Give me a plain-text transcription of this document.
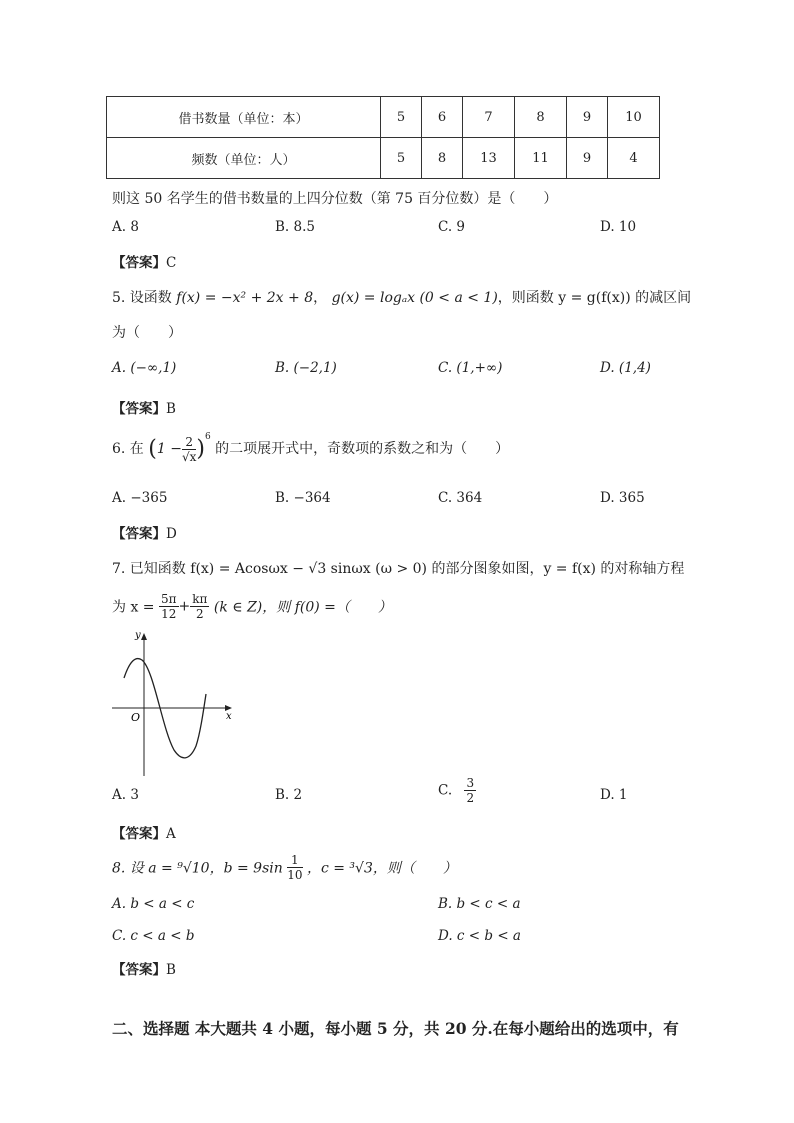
借书数量（单位：本）	5	6	7	8	9	10
频数（单位：人）	5	8	13	11	9	4
则这 50 名学生的借书数量的上四分位数（第 75 百分位数）是（　　）
A. 8	B. 8.5	C. 9	D. 10
【答案】C
5. 设函数 f(x) = −x² + 2x + 8， g(x) = logₐx (0 < a < 1)，则函数 y = g(f(x)) 的减区间
为（　　）
A. (−∞,1)	B. (−2,1)	C. (1,+∞)	D. (1,4)
【答案】B
6. 在 $(1 - \frac{2}{√x} )^6$ 的二项展开式中，奇数项的系数之和为（　　）
A. −365	B. −364	C. 364	D. 365
【答案】D
7. 已知函数 f(x) = Acosωx − √3 sinωx (ω > 0) 的部分图象如图，y = f(x) 的对称轴方程
为 $x = \frac{5\pi}{12} + \frac{k\pi}{2} (k$ ∈ Z)，则 f(0) =（　　）
y
x
O
A. 3	B. 2	C. $\frac{3}{2}$	D. 1
【答案】A
8. 设 a = ⁹√10，$b = 9\sin \frac{1}{10}$ ，c = ³√3，则（　　）
A. b < a < c	B. b < c < a
C. c < a < b	D. c < b < a
【答案】B
二、选择题 本大题共 4 小题，每小题 5 分，共 20 分.在每小题给出的选项中，有
